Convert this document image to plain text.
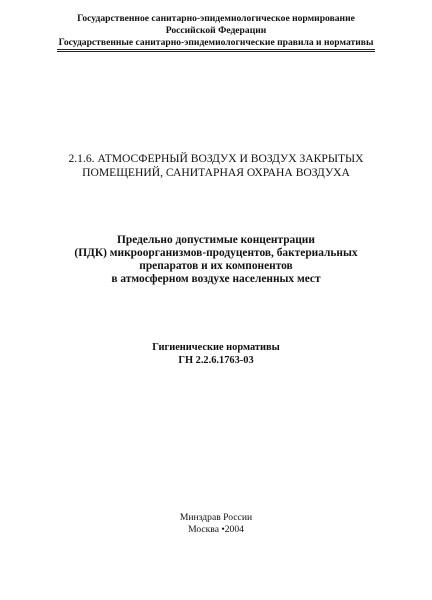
Государственное санитарно-эпидемиологическое нормирование
Российской Федерации
Государственные санитарно-эпидемиологические правила и нормативы
2.1.6. АТМОСФЕРНЫЙ ВОЗДУХ И ВОЗДУХ ЗАКРЫТЫХ
ПОМЕЩЕНИЙ, САНИТАРНАЯ ОХРАНА ВОЗДУХА
Предельно допустимые концентрации
(ПДК) микроорганизмов-продуцентов, бактериальных
препаратов и их компонентов
в атмосферном воздухе населенных мест
Гигиенические нормативы
ГН 2.2.6.1763-03
Минздрав России
Москва •2004
